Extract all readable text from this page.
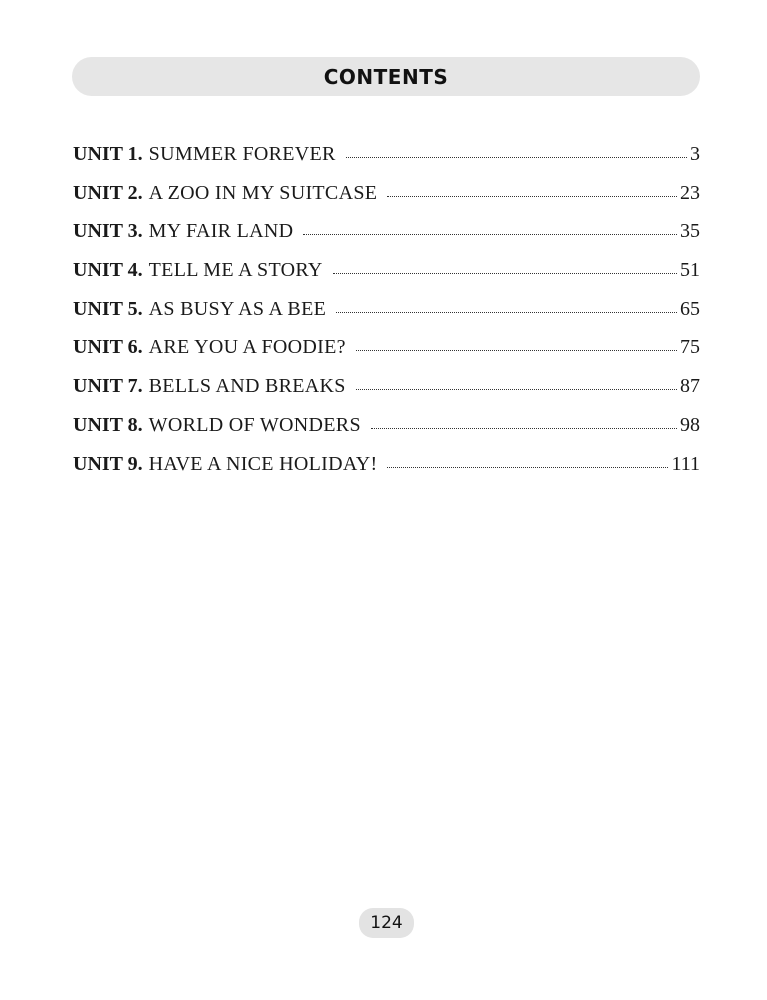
CONTENTS
UNIT 1. SUMMER FOREVER	3
UNIT 2. A ZOO IN MY SUITCASE	23
UNIT 3. MY FAIR LAND	35
UNIT 4. TELL ME A STORY	51
UNIT 5. AS BUSY AS A BEE	65
UNIT 6. ARE YOU A FOODIE?	75
UNIT 7. BELLS AND BREAKS	87
UNIT 8. WORLD OF WONDERS	98
UNIT 9. HAVE A NICE HOLIDAY!	111
124
